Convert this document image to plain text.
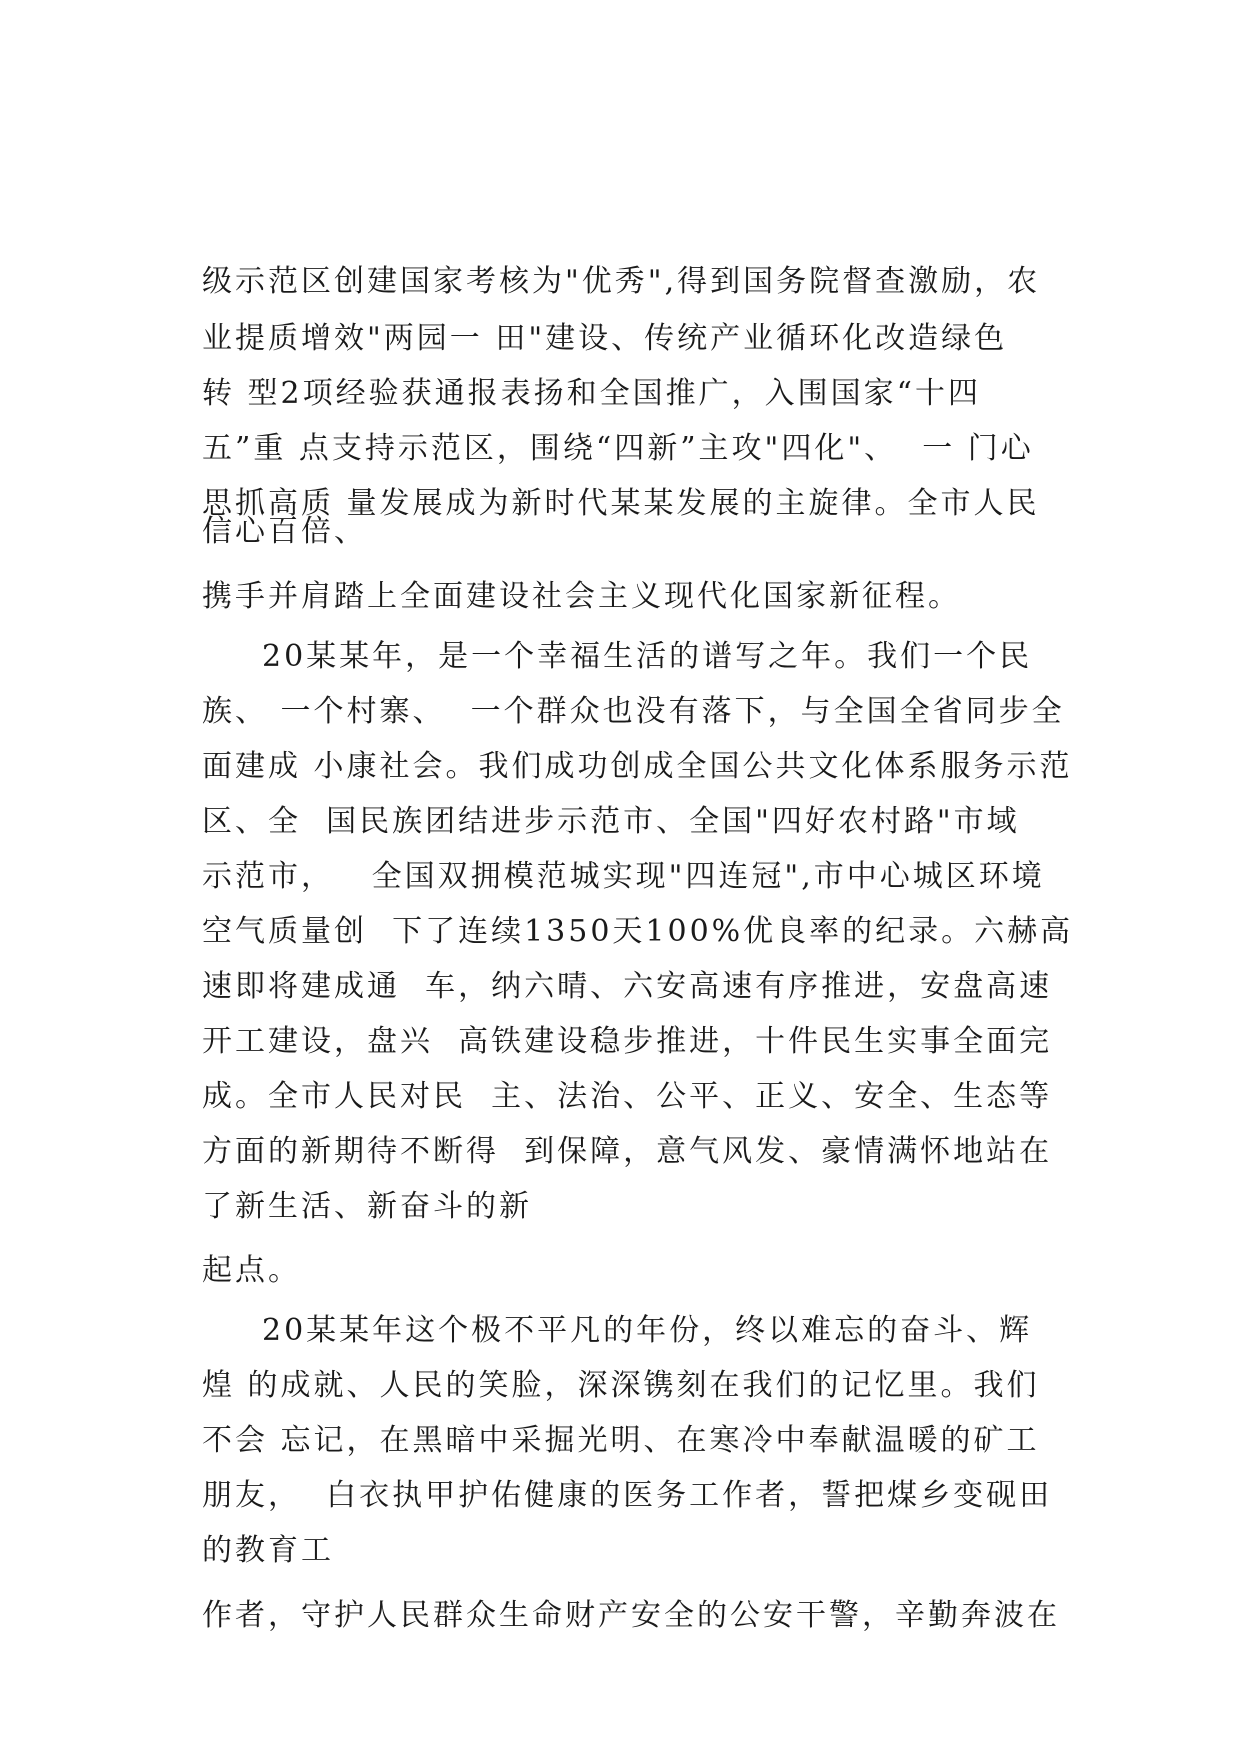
级示范区创建国家考核为"优秀",得到国务院督查激励，农

业提质增效"两园一 田"建设、传统产业循环化改造绿色

转 型2项经验获通报表扬和全国推广，入围国家“十四

五”重 点支持示范区，围绕“四新”主攻"四化"、  一 门心

思抓高质 量发展成为新时代某某发展的主旋律。全市人民

信心百倍、

携手并肩踏上全面建设社会主义现代化国家新征程。

20某某年，是一个幸福生活的谱写之年。我们一个民

族、 一个村寨、  一个群众也没有落下，与全国全省同步全

面建成 小康社会。我们成功创成全国公共文化体系服务示范

区、全  国民族团结进步示范市、全国"四好农村路"市域

示范市，   全国双拥模范城实现"四连冠",市中心城区环境

空气质量创  下了连续1350天100%优良率的纪录。六赫高

速即将建成通  车，纳六晴、六安高速有序推进，安盘高速

开工建设，盘兴  高铁建设稳步推进，十件民生实事全面完

成。全市人民对民  主、法治、公平、正义、安全、生态等

方面的新期待不断得  到保障，意气风发、豪情满怀地站在

了新生活、新奋斗的新

起点。

20某某年这个极不平凡的年份，终以难忘的奋斗、辉

煌 的成就、人民的笑脸，深深镌刻在我们的记忆里。我们

不会 忘记，在黑暗中采掘光明、在寒冷中奉献温暖的矿工

朋友，  白衣执甲护佑健康的医务工作者，誓把煤乡变砚田

的教育工

作者，守护人民群众生命财产安全的公安干警，辛勤奔波在
